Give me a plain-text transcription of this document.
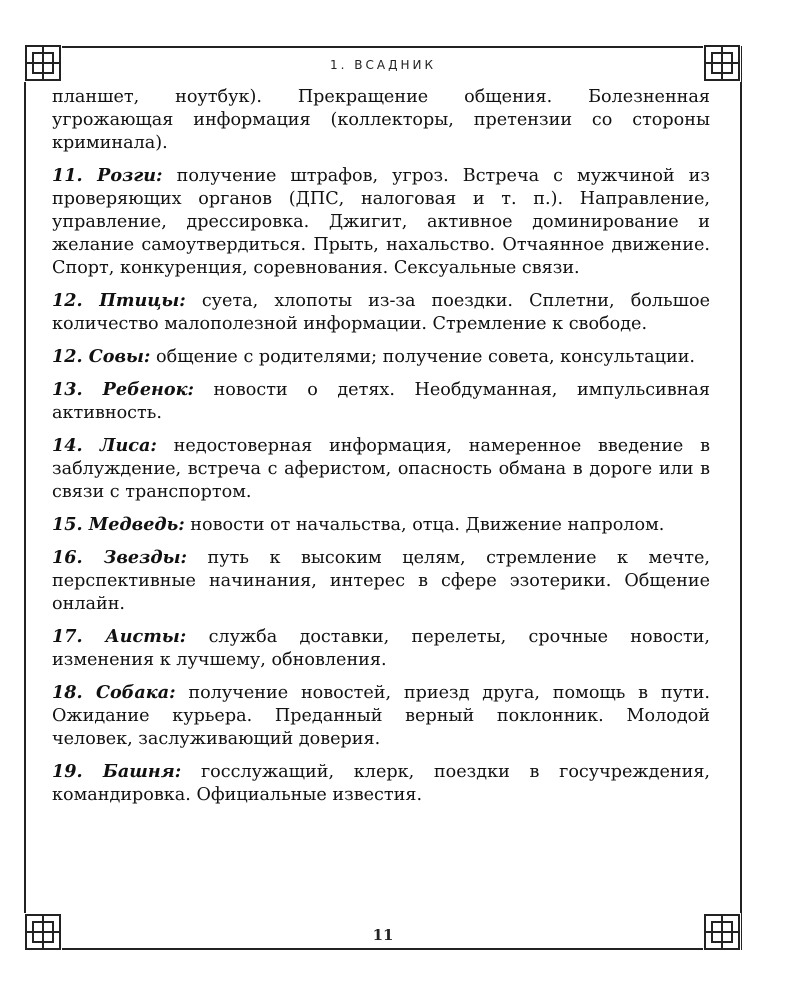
1. ВСАДНИК

планшет, ноутбук). Прекращение общения. Болезненная угрожающая информация (коллекторы, претензии со стороны криминала).

11. Розги: получение штрафов, угроз. Встреча с мужчиной из проверяющих органов (ДПС, налоговая и т. п.). Направление, управление, дрессировка. Джигит, активное доминирование и желание самоутвердиться. Прыть, нахальство. Отчаянное движение. Спорт, конкуренция, соревнования. Сексуальные связи.

12. Птицы: суета, хлопоты из-за поездки. Сплетни, большое количество малополезной информации. Стремление к свободе.

12. Совы: общение с родителями; получение совета, консультации.

13. Ребенок: новости о детях. Необдуманная, импульсивная активность.

14. Лиса: недостоверная информация, намеренное введение в заблуждение, встреча с аферистом, опасность обмана в дороге или в связи с транспортом.

15. Медведь: новости от начальства, отца. Движение напролом.

16. Звезды: путь к высоким целям, стремление к мечте, перспективные начинания, интерес в сфере эзотерики. Общение онлайн.

17. Аисты: служба доставки, перелеты, срочные новости, изменения к лучшему, обновления.

18. Собака: получение новостей, приезд друга, помощь в пути. Ожидание курьера. Преданный верный поклонник. Молодой человек, заслуживающий доверия.

19. Башня: госслужащий, клерк, поездки в госучреждения, командировка. Официальные известия.

11
